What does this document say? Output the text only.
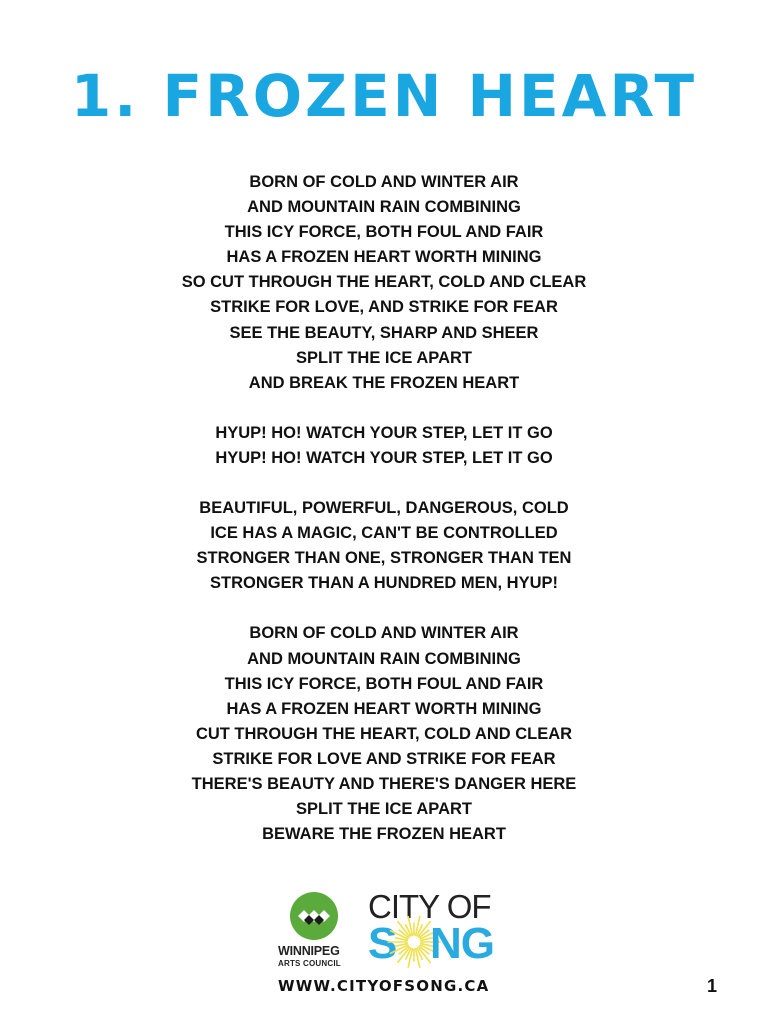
1. FROZEN HEART
BORN OF COLD AND WINTER AIR
AND MOUNTAIN RAIN COMBINING
THIS ICY FORCE, BOTH FOUL AND FAIR
HAS A FROZEN HEART WORTH MINING
SO CUT THROUGH THE HEART, COLD AND CLEAR
STRIKE FOR LOVE, AND STRIKE FOR FEAR
SEE THE BEAUTY, SHARP AND SHEER
SPLIT THE ICE APART
AND BREAK THE FROZEN HEART
HYUP! HO! WATCH YOUR STEP, LET IT GO
HYUP! HO! WATCH YOUR STEP, LET IT GO
BEAUTIFUL, POWERFUL, DANGEROUS, COLD
ICE HAS A MAGIC, CAN'T BE CONTROLLED
STRONGER THAN ONE, STRONGER THAN TEN
STRONGER THAN A HUNDRED MEN, HYUP!
BORN OF COLD AND WINTER AIR
AND MOUNTAIN RAIN COMBINING
THIS ICY FORCE, BOTH FOUL AND FAIR
HAS A FROZEN HEART WORTH MINING
CUT THROUGH THE HEART, COLD AND CLEAR
STRIKE FOR LOVE AND STRIKE FOR FEAR
THERE'S BEAUTY AND THERE'S DANGER HERE
SPLIT THE ICE APART
BEWARE THE FROZEN HEART
WINNIPEG
ARTS COUNCIL
CITY OF
S NG
WWW.CITYOFSONG.CA	1
